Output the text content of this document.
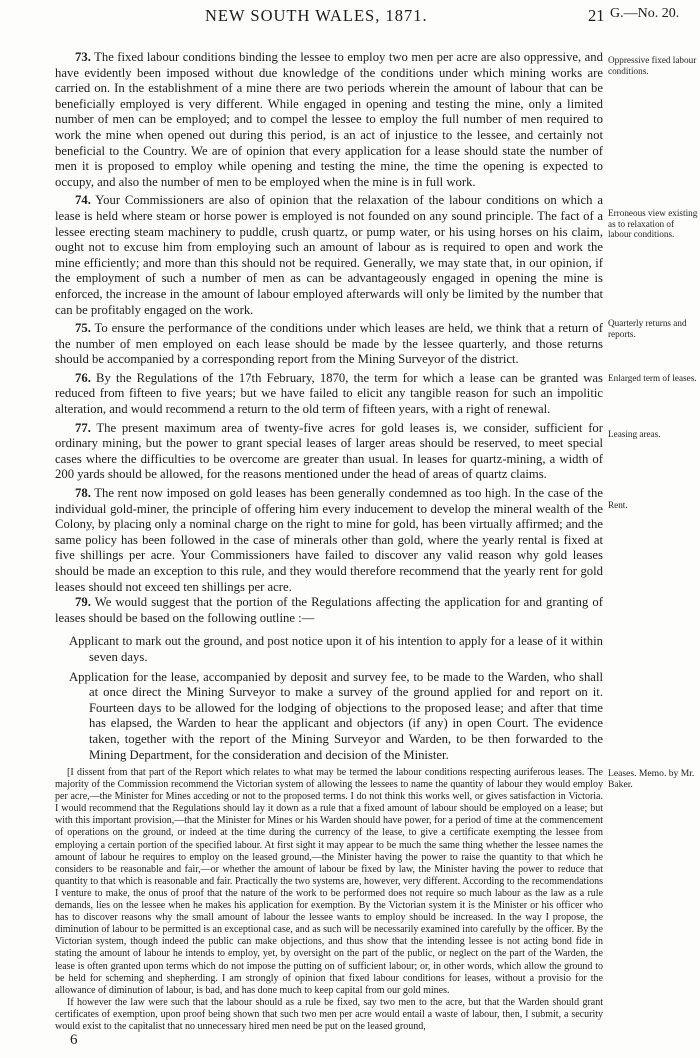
NEW SOUTH WALES, 1871.	21 G.—No. 20.

73. The fixed labour conditions binding the lessee to employ two men per acre are also oppressive, and have evidently been imposed without due knowledge of the conditions under which mining works are carried on. In the establishment of a mine there are two periods wherein the amount of labour that can be beneficially employed is very different. While engaged in opening and testing the mine, only a limited number of men can be employed; and to compel the lessee to employ the full number of men required to work the mine when opened out during this period, is an act of injustice to the lessee, and certainly not beneficial to the Country. We are of opinion that every application for a lease should state the number of men it is proposed to employ while opening and testing the mine, the time the opening is expected to occupy, and also the number of men to be employed when the mine is in full work.

74. Your Commissioners are also of opinion that the relaxation of the labour conditions on which a lease is held where steam or horse power is employed is not founded on any sound principle. The fact of a lessee erecting steam machinery to puddle, crush quartz, or pump water, or his using horses on his claim, ought not to excuse him from employing such an amount of labour as is required to open and work the mine efficiently; and more than this should not be required. Generally, we may state that, in our opinion, if the employment of such a number of men as can be advantageously engaged in opening the mine is enforced, the increase in the amount of labour employed afterwards will only be limited by the number that can be profitably engaged on the work.

75. To ensure the performance of the conditions under which leases are held, we think that a return of the number of men employed on each lease should be made by the lessee quarterly, and those returns should be accompanied by a corresponding report from the Mining Surveyor of the district.

76. By the Regulations of the 17th February, 1870, the term for which a lease can be granted was reduced from fifteen to five years; but we have failed to elicit any tangible reason for such an impolitic alteration, and would recommend a return to the old term of fifteen years, with a right of renewal.

77. The present maximum area of twenty-five acres for gold leases is, we consider, sufficient for ordinary mining, but the power to grant special leases of larger areas should be reserved, to meet special cases where the difficulties to be overcome are greater than usual. In leases for quartz-mining, a width of 200 yards should be allowed, for the reasons mentioned under the head of areas of quartz claims.

78. The rent now imposed on gold leases has been generally condemned as too high. In the case of the individual gold-miner, the principle of offering him every inducement to develop the mineral wealth of the Colony, by placing only a nominal charge on the right to mine for gold, has been virtually affirmed; and the same policy has been followed in the case of minerals other than gold, where the yearly rental is fixed at five shillings per acre. Your Commissioners have failed to discover any valid reason why gold leases should be made an exception to this rule, and they would therefore recommend that the yearly rent for gold leases should not exceed ten shillings per acre.

79. We would suggest that the portion of the Regulations affecting the application for and granting of leases should be based on the following outline :—

Applicant to mark out the ground, and post notice upon it of his intention to apply for a lease of it within seven days.

Application for the lease, accompanied by deposit and survey fee, to be made to the Warden, who shall at once direct the Mining Surveyor to make a survey of the ground applied for and report on it. Fourteen days to be allowed for the lodging of objections to the proposed lease; and after that time has elapsed, the Warden to hear the applicant and objectors (if any) in open Court. The evidence taken, together with the report of the Mining Surveyor and Warden, to be then forwarded to the Mining Department, for the consideration and decision of the Minister.

Oppressive fixed labour conditions.
Erroneous view existing as to relaxation of labour conditions.
Quarterly returns and reports.
Enlarged term of leases.
Leasing areas.
Rent.

[I dissent from that part of the Report which relates to what may be termed the labour conditions respecting auriferous leases. The majority of the Commission recommend the Victorian system of allowing the lessees to name the quantity of labour they would employ per acre,—the Minister for Mines acceding or not to the proposed terms. I do not think this works well, or gives satisfaction in Victoria. I would recommend that the Regulations should lay it down as a rule that a fixed amount of labour should be employed on a lease; but with this important provision,—that the Minister for Mines or his Warden should have power, for a period of time at the commencement of operations on the ground, or indeed at the time during the currency of the lease, to give a certificate exempting the lessee from employing a certain portion of the specified labour. At first sight it may appear to be much the same thing whether the lessee names the amount of labour he requires to employ on the leased ground,—the Minister having the power to raise the quantity to that which he considers to be reasonable and fair,—or whether the amount of labour be fixed by law, the Minister having the power to reduce that quantity to that which is reasonable and fair. Practically the two systems are, however, very different. According to the recommendations I venture to make, the onus of proof that the nature of the work to be performed does not require so much labour as the law as a rule demands, lies on the lessee when he makes his application for exemption. By the Victorian system it is the Minister or his officer who has to discover reasons why the small amount of labour the lessee wants to employ should be increased. In the way I propose, the diminution of labour to be permitted is an exceptional case, and as such will be necessarily examined into carefully by the officer. By the Victorian system, though indeed the public can make objections, and thus show that the intending lessee is not acting bond fide in stating the amount of labour he intends to employ, yet, by oversight on the part of the public, or neglect on the part of the Warden, the lease is often granted upon terms which do not impose the putting on of sufficient labour; or, in other words, which allow the ground to be held for scheming and shepherding. I am strongly of opinion that fixed labour conditions for leases, without a provisio for the allowance of diminution of labour, is bad, and has done much to keep capital from our gold mines.

If however the law were such that the labour should as a rule be fixed, say two men to the acre, but that the Warden should grant certificates of exemption, upon proof being shown that such two men per acre would entail a waste of labour, then, I submit, a security would exist to the capitalist that no unnecessary hired men need be put on the leased ground,

Leases. Memo. by Mr. Baker.
6
